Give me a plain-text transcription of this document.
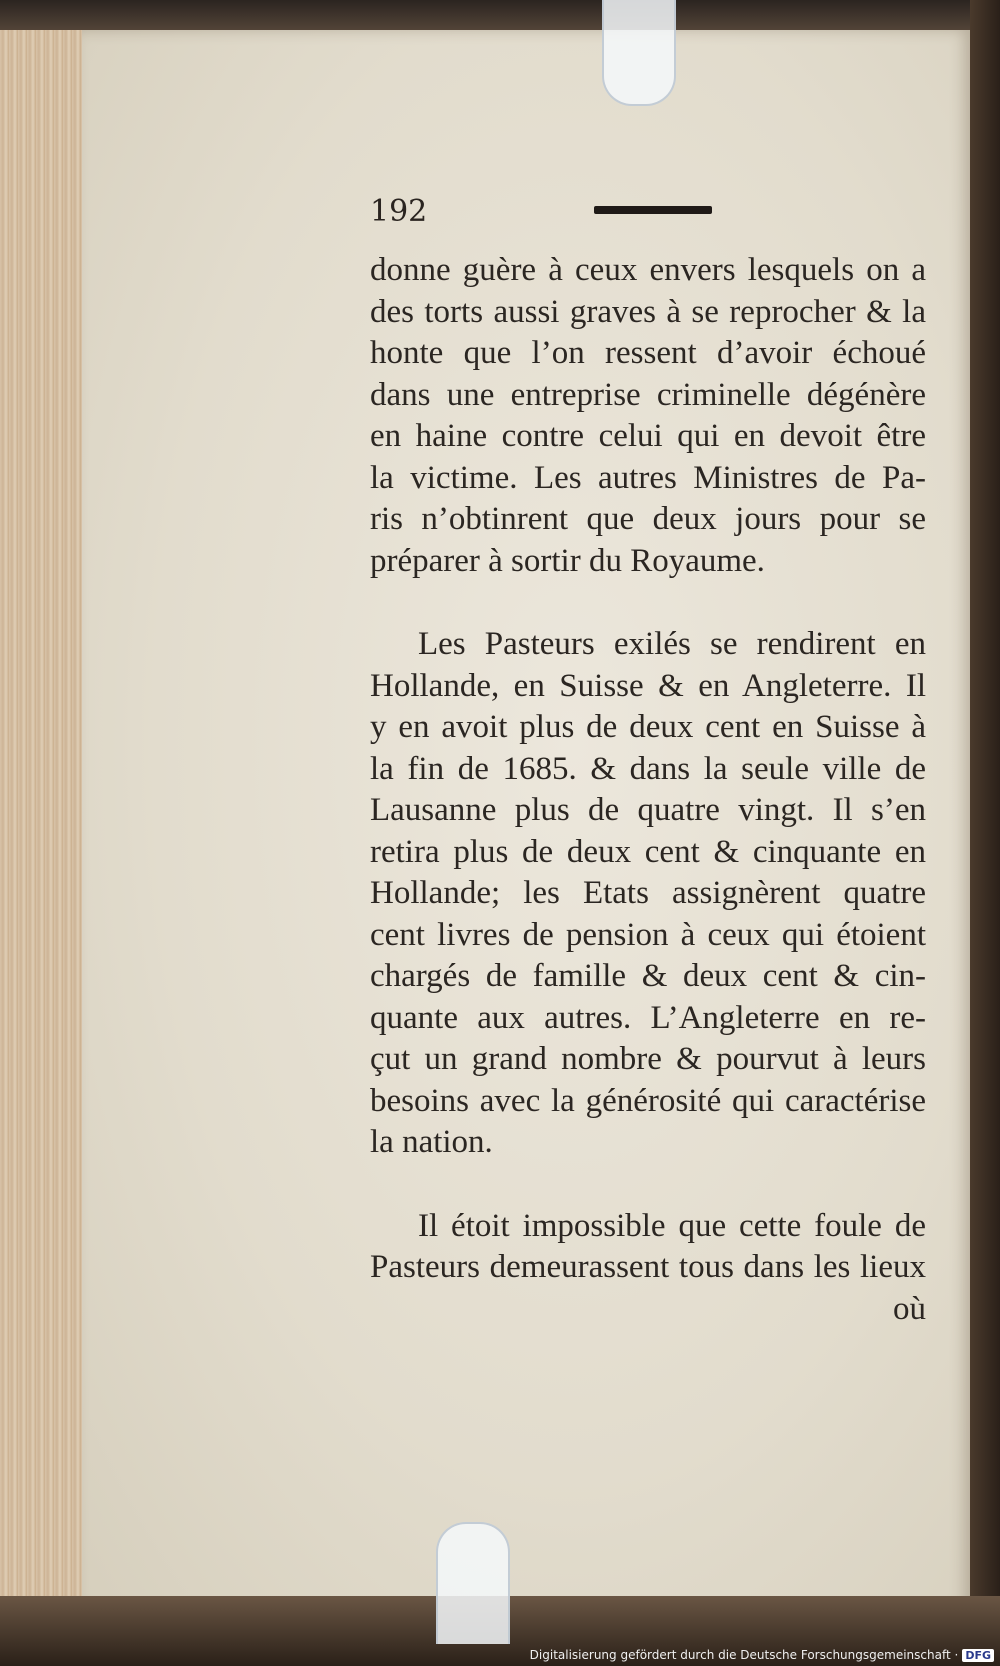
192
donne guère à ceux envers lesquels on a
des torts aussi graves à se reprocher & la
honte que l’on ressent d’avoir échoué
dans une entreprise criminelle dégénère
en haine contre celui qui en devoit être
la victime. Les autres Ministres de Pa-
ris n’obtinrent que deux jours pour se
préparer à sortir du Royaume.
Les Pasteurs exilés se rendirent en
Hollande, en Suisse & en Angleterre. Il
y en avoit plus de deux cent en Suisse à
la fin de 1685. & dans la seule ville de
Lausanne plus de quatre vingt. Il s’en
retira plus de deux cent & cinquante en
Hollande; les Etats assignèrent quatre
cent livres de pension à ceux qui étoient
chargés de famille & deux cent & cin-
quante aux autres. L’Angleterre en re-
çut un grand nombre & pourvut à leurs
besoins avec la générosité qui caractérise
la nation.
Il étoit impossible que cette foule de
Pasteurs demeurassent tous dans les lieux
où
Digitalisierung gefördert durch die Deutsche Forschungsgemeinschaft · DFG
